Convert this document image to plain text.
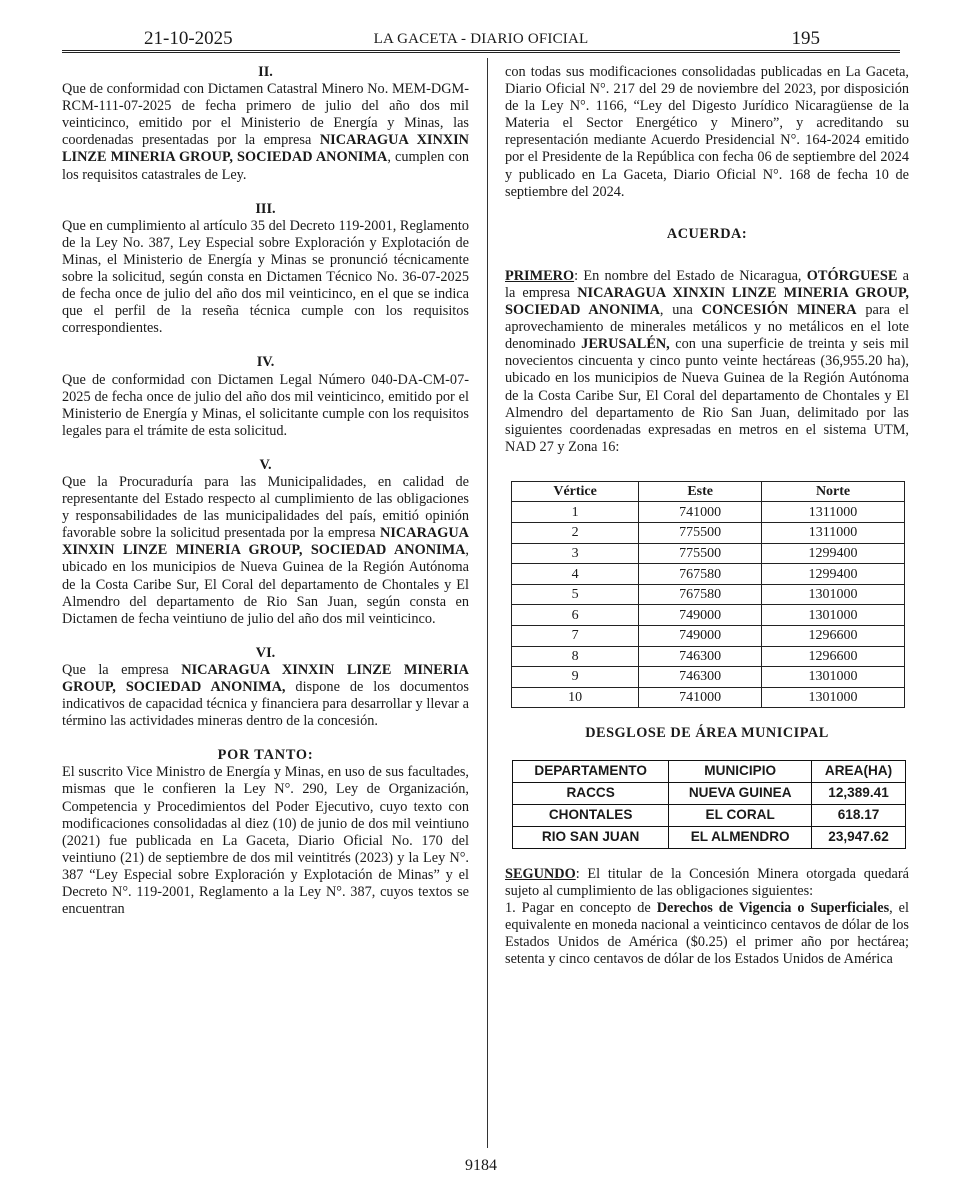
21-10-2025	LA GACETA - DIARIO OFICIAL	195

II.

Que de conformidad con Dictamen Catastral Minero No. MEM-DGM-RCM-111-07-2025 de fecha primero de julio del año dos mil veinticinco, emitido por el Ministerio de Energía y Minas, las coordenadas presentadas por la empresa NICARAGUA XINXIN LINZE MINERIA GROUP, SOCIEDAD ANONIMA, cumplen con los requisitos catastrales de Ley.

III.

Que en cumplimiento al artículo 35 del Decreto 119-2001, Reglamento de la Ley No. 387, Ley Especial sobre Exploración y Explotación de Minas, el Ministerio de Energía y Minas se pronunció técnicamente sobre la solicitud, según consta en Dictamen Técnico No. 36-07-2025 de fecha once de julio del año dos mil veinticinco, en el que se indica que el perfil de la reseña técnica cumple con los requisitos correspondientes.

IV.

Que de conformidad con Dictamen Legal Número 040-DA-CM-07-2025 de fecha once de julio del año dos mil veinticinco, emitido por el Ministerio de Energía y Minas, el solicitante cumple con los requisitos legales para el trámite de esta solicitud.

V.

Que la Procuraduría para las Municipalidades, en calidad de representante del Estado respecto al cumplimiento de las obligaciones y responsabilidades de las municipalidades del país, emitió opinión favorable sobre la solicitud presentada por la empresa NICARAGUA XINXIN LINZE MINERIA GROUP, SOCIEDAD ANONIMA, ubicado en los municipios de Nueva Guinea de la Región Autónoma de la Costa Caribe Sur, El Coral del departamento de Chontales y El Almendro del departamento de Rio San Juan, según consta en Dictamen de fecha veintiuno de julio del año dos mil veinticinco.

VI.

Que la empresa NICARAGUA XINXIN LINZE MINERIA GROUP, SOCIEDAD ANONIMA, dispone de los documentos indicativos de capacidad técnica y financiera para desarrollar y llevar a término las actividades mineras dentro de la concesión.

POR TANTO:

El suscrito Vice Ministro de Energía y Minas, en uso de sus facultades, mismas que le confieren la Ley N°. 290, Ley de Organización, Competencia y Procedimientos del Poder Ejecutivo, cuyo texto con modificaciones consolidadas al diez (10) de junio de dos mil veintiuno (2021) fue publicada en La Gaceta, Diario Oficial No. 170 del veintiuno (21) de septiembre de dos mil veintitrés (2023) y la Ley N°. 387 “Ley Especial sobre Exploración y Explotación de Minas” y el Decreto N°. 119-2001, Reglamento a la Ley N°. 387, cuyos textos se encuentran

con todas sus modificaciones consolidadas publicadas en La Gaceta, Diario Oficial N°. 217 del 29 de noviembre del 2023, por disposición de la Ley N°. 1166, “Ley del Digesto Jurídico Nicaragüense de la Materia el Sector Energético y Minero”, y acreditando su representación mediante Acuerdo Presidencial N°. 164-2024 emitido por el Presidente de la República con fecha 06 de septiembre del 2024 y publicado en La Gaceta, Diario Oficial N°. 168 de fecha 10 de septiembre del 2024.

ACUERDA:

PRIMERO: En nombre del Estado de Nicaragua, OTÓRGUESE a la empresa NICARAGUA XINXIN LINZE MINERIA GROUP, SOCIEDAD ANONIMA, una CONCESIÓN MINERA para el aprovechamiento de minerales metálicos y no metálicos en el lote denominado JERUSALÉN, con una superficie de treinta y seis mil novecientos cincuenta y cinco punto veinte hectáreas (36,955.20 ha), ubicado en los municipios de Nueva Guinea de la Región Autónoma de la Costa Caribe Sur, El Coral del departamento de Chontales y El Almendro del departamento de Rio San Juan, delimitado por las siguientes coordenadas expresadas en metros en el sistema UTM, NAD 27 y Zona 16:

Vértice	Este	Norte
1	741000	1311000
2	775500	1311000
3	775500	1299400
4	767580	1299400
5	767580	1301000
6	749000	1301000
7	749000	1296600
8	746300	1296600
9	746300	1301000
10	741000	1301000

DESGLOSE DE ÁREA MUNICIPAL

DEPARTAMENTO	MUNICIPIO	AREA(HA)
RACCS	NUEVA GUINEA	12,389.41
CHONTALES	EL CORAL	618.17
RIO SAN JUAN	EL ALMENDRO	23,947.62

SEGUNDO: El titular de la Concesión Minera otorgada quedará sujeto al cumplimiento de las obligaciones siguientes:

1. Pagar en concepto de Derechos de Vigencia o Superficiales, el equivalente en moneda nacional a veinticinco centavos de dólar de los Estados Unidos de América ($0.25) el primer año por hectárea; setenta y cinco centavos de dólar de los Estados Unidos de América

9184
